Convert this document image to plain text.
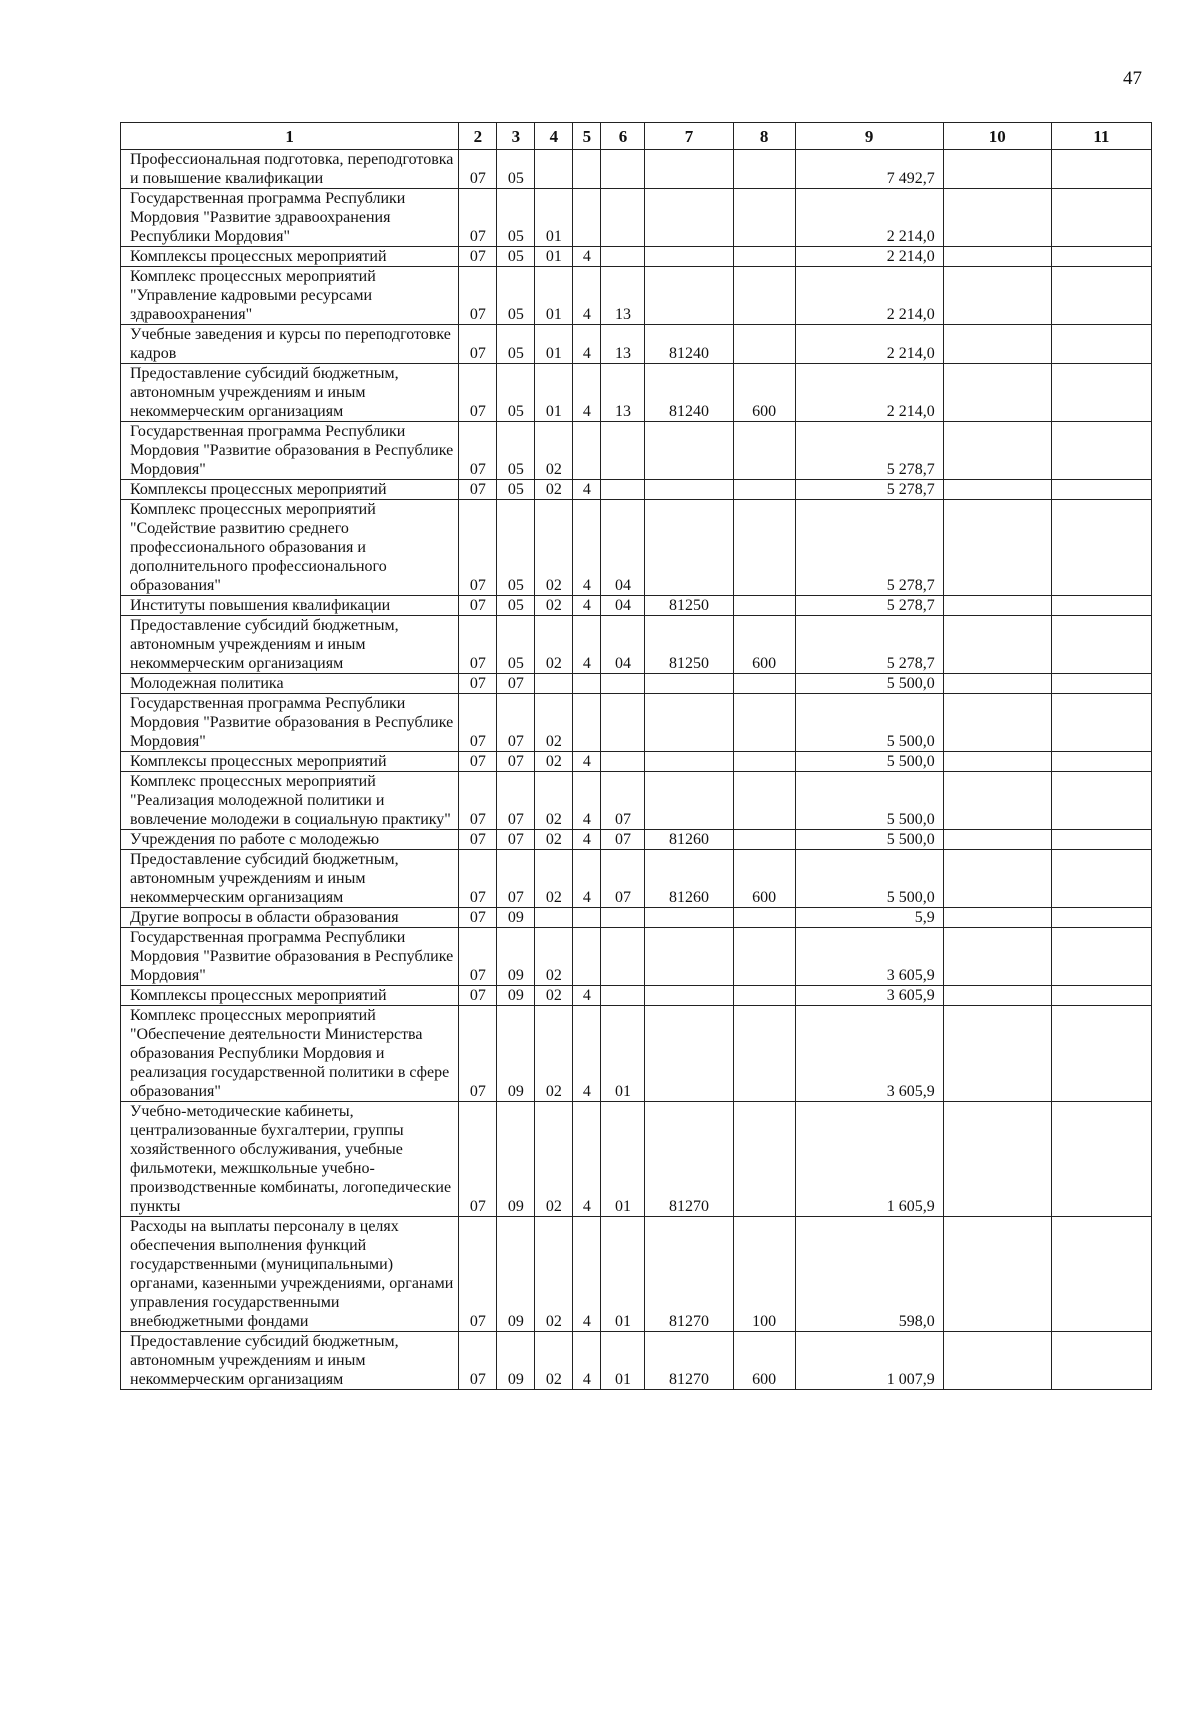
47
1	2	3	4	5	6	7	8	9	10	11
Профессиональная подготовка, переподготовка и повышение квалификации	07	05						7 492,7		
Государственная программа Республики Мордовия "Развитие здравоохранения Республики Мордовия"	07	05	01					2 214,0		
Комплексы процессных мероприятий	07	05	01	4				2 214,0		
Комплекс процессных мероприятий "Управление кадровыми ресурсами здравоохранения"	07	05	01	4	13			2 214,0		
Учебные заведения и курсы по переподготовке кадров	07	05	01	4	13	81240		2 214,0		
Предоставление субсидий бюджетным, автономным учреждениям и иным некоммерческим организациям	07	05	01	4	13	81240	600	2 214,0		
Государственная программа Республики Мордовия "Развитие образования в Республике Мордовия"	07	05	02					5 278,7		
Комплексы процессных мероприятий	07	05	02	4				5 278,7		
Комплекс процессных мероприятий "Содействие развитию среднего профессионального образования и дополнительного профессионального образования"	07	05	02	4	04			5 278,7		
Институты повышения квалификации	07	05	02	4	04	81250		5 278,7		
Предоставление субсидий бюджетным, автономным учреждениям и иным некоммерческим организациям	07	05	02	4	04	81250	600	5 278,7		
Молодежная политика	07	07						5 500,0		
Государственная программа Республики Мордовия "Развитие образования в Республике Мордовия"	07	07	02					5 500,0		
Комплексы процессных мероприятий	07	07	02	4				5 500,0		
Комплекс процессных мероприятий "Реализация молодежной политики и вовлечение молодежи в социальную практику"	07	07	02	4	07			5 500,0		
Учреждения по работе с молодежью	07	07	02	4	07	81260		5 500,0		
Предоставление субсидий бюджетным, автономным учреждениям и иным некоммерческим организациям	07	07	02	4	07	81260	600	5 500,0		
Другие вопросы в области образования	07	09						5,9		
Государственная программа Республики Мордовия "Развитие образования в Республике Мордовия"	07	09	02					3 605,9		
Комплексы процессных мероприятий	07	09	02	4				3 605,9		
Комплекс процессных мероприятий "Обеспечение деятельности Министерства образования Республики Мордовия и реализация государственной политики в сфере образования"	07	09	02	4	01			3 605,9		
Учебно-методические кабинеты, централизованные бухгалтерии, группы хозяйственного обслуживания, учебные фильмотеки, межшкольные учебно-производственные комбинаты, логопедические пункты	07	09	02	4	01	81270		1 605,9		
Расходы на выплаты персоналу в целях обеспечения выполнения функций государственными (муниципальными) органами, казенными учреждениями, органами управления государственными внебюджетными фондами	07	09	02	4	01	81270	100	598,0		
Предоставление субсидий бюджетным, автономным учреждениям и иным некоммерческим организациям	07	09	02	4	01	81270	600	1 007,9		
